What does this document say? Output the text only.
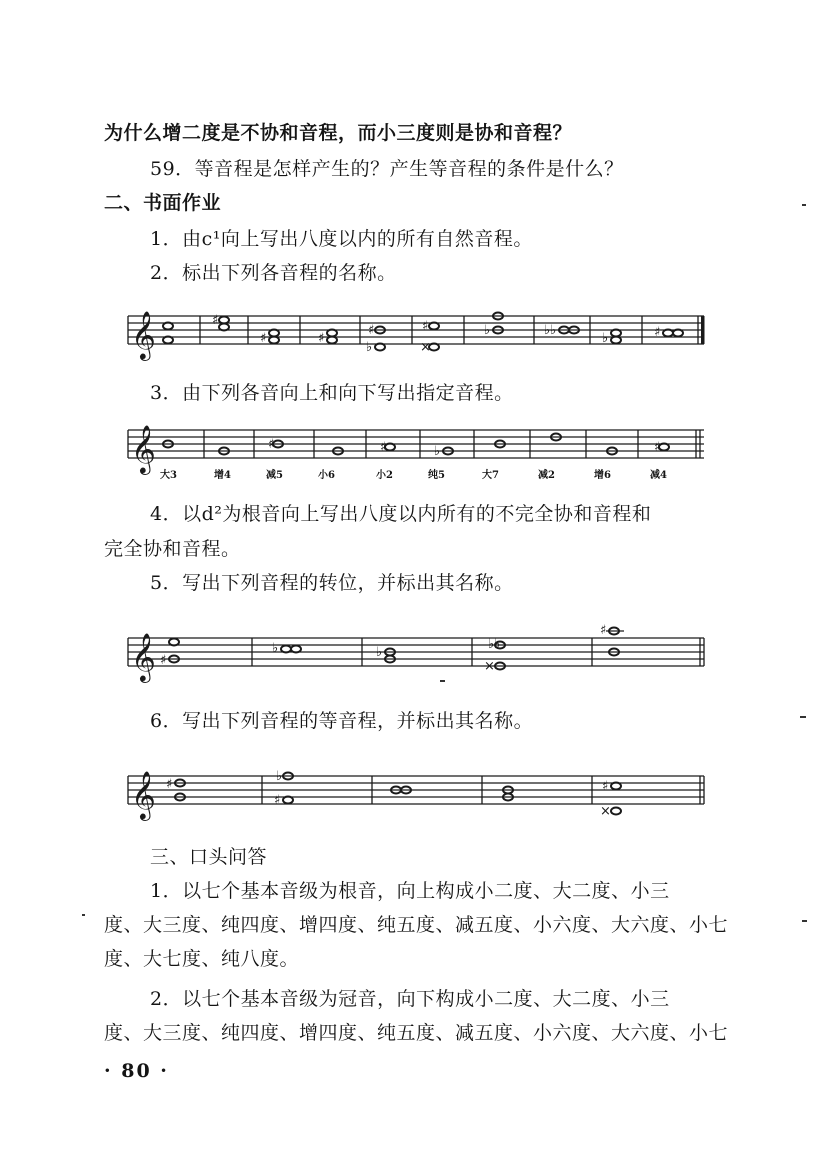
为什么增二度是不协和音程，而小三度则是协和音程？
59．等音程是怎样产生的？产生等音程的条件是什么？
二、书面作业
1．由c¹向上写出八度以内的所有自然音程。
2．标出下列各音程的名称。
𝄞	♯
♯	♯
♯
♭
♯
×
♭	♭♭
♭	♯
3．由下列各音向上和向下写出指定音程。
𝄞	♯	♯	♭	♯
大3	增4	减5	小6	小2	纯5	大7	减2	增6	减4
4．以d²为根音向上写出八度以内所有的不完全协和音程和
完全协和音程。
5．写出下列音程的转位，并标出其名称。
𝄞 ♯
♭	♭
♭♭
×
♯
6．写出下列音程的等音程，并标出其名称。
𝄞 ♯
♭
♯
♯
×
三、口头问答
1．以七个基本音级为根音，向上构成小二度、大二度、小三
度、大三度、纯四度、增四度、纯五度、减五度、小六度、大六度、小七
度、大七度、纯八度。
2．以七个基本音级为冠音，向下构成小二度、大二度、小三
度、大三度、纯四度、增四度、纯五度、减五度、小六度、大六度、小七
· 80 ·
